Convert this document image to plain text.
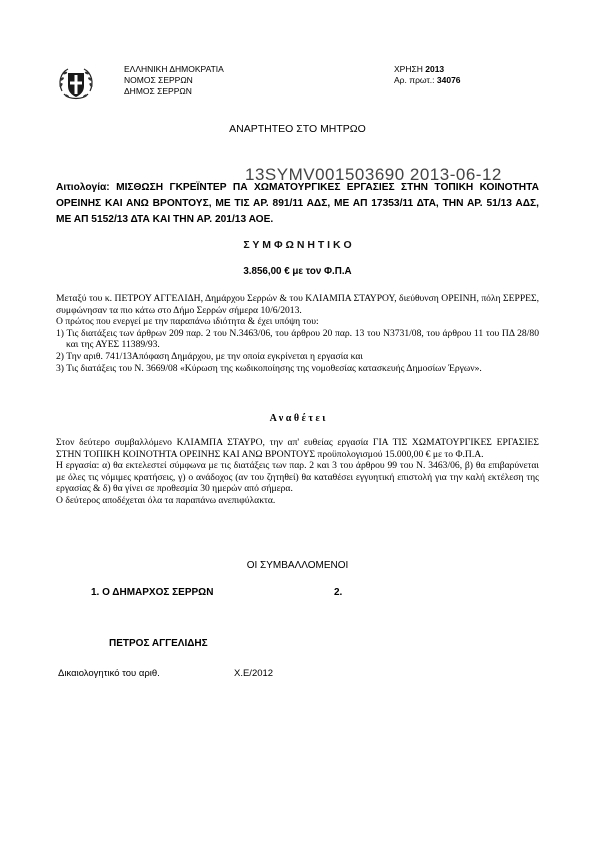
ΕΛΛΗΝΙΚΗ ΔΗΜΟΚΡΑΤΙΑ
ΝΟΜΟΣ ΣΕΡΡΩΝ
ΔΗΜΟΣ ΣΕΡΡΩΝ
ΧΡΗΣΗ 2013
Αρ. πρωτ.: 34076
ΑΝΑΡΤΗΤΕΟ ΣΤΟ ΜΗΤΡΩΟ
13SYMV001503690 2013-06-12
Αιτιολογία: ΜΙΣΘΩΣΗ ΓΚΡΕΪΝΤΕΡ ΠΑ ΧΩΜΑΤΟΥΡΓΙΚΕΣ ΕΡΓΑΣΙΕΣ ΣΤΗΝ ΤΟΠΙΚΗ ΚΟΙΝΟΤΗΤΑ ΟΡΕΙΝΗΣ ΚΑΙ ΑΝΩ ΒΡΟΝΤΟΥΣ, ΜΕ ΤΙΣ ΑΡ. 891/11 ΑΔΣ, ΜΕ ΑΠ 17353/11 ΔΤΑ, ΤΗΝ ΑΡ. 51/13 ΑΔΣ, ΜΕ ΑΠ 5152/13 ΔΤΑ ΚΑΙ ΤΗΝ ΑΡ. 201/13 ΑΟΕ.
Σ Υ Μ Φ Ω Ν Η Τ Ι Κ Ο
3.856,00 € με τον Φ.Π.Α
Μεταξύ του κ. ΠΕΤΡΟΥ ΑΓΓΕΛΙΔΗ, Δημάρχου Σερρών & του ΚΛΙΑΜΠΑ ΣΤΑΥΡΟΥ, διεύθυνση ΟΡΕΙΝΗ, πόλη ΣΕΡΡΕΣ, συμφώνησαν τα πιο κάτω στο Δήμο Σερρών σήμερα 10/6/2013.
Ο πρώτος που ενεργεί με την παραπάνω ιδιότητα & έχει υπόψη του:
1) Τις διατάξεις των άρθρων 209 παρ. 2 του Ν.3463/06, του άρθρου 20 παρ. 13 του Ν3731/08, του άρθρου 11 του ΠΔ 28/80 και της ΑΥΕΣ 11389/93.
2) Την αριθ. 741/13Απόφαση Δημάρχου, με την οποία εγκρίνεται η εργασία και
3) Τις διατάξεις του Ν. 3669/08 «Κύρωση της κωδικοποίησης της νομοθεσίας κατασκευής Δημοσίων Έργων».
Α ν α θ έ τ ε ι
Στον δεύτερο συμβαλλόμενο ΚΛΙΑΜΠΑ ΣΤΑΥΡΟ, την απ' ευθείας εργασία ΓΙΑ ΤΙΣ ΧΩΜΑΤΟΥΡΓΙΚΕΣ ΕΡΓΑΣΙΕΣ ΣΤΗΝ ΤΟΠΙΚΗ ΚΟΙΝΟΤΗΤΑ ΟΡΕΙΝΗΣ ΚΑΙ ΑΝΩ ΒΡΟΝΤΟΥΣ προϋπολογισμού 15.000,00 € με το Φ.Π.Α.
Η εργασία: α) θα εκτελεστεί σύμφωνα με τις διατάξεις των παρ. 2 και 3 του άρθρου 99 του Ν. 3463/06, β) θα επιβαρύνεται με όλες τις νόμιμες κρατήσεις, γ) ο ανάδοχος (αν του ζητηθεί) θα καταθέσει εγγυητική επιστολή για την καλή εκτέλεση της εργασίας & δ) θα γίνει σε προθεσμία 30 ημερών από σήμερα.
Ο δεύτερος αποδέχεται όλα τα παραπάνω ανεπιφύλακτα.
ΟΙ ΣΥΜΒΑΛΛΟΜΕΝΟΙ
1. Ο ΔΗΜΑΡΧΟΣ ΣΕΡΡΩΝ	2.
ΠΕΤΡΟΣ ΑΓΓΕΛΙΔΗΣ
Δικαιολογητικό του αριθ.	Χ.Ε/2012
